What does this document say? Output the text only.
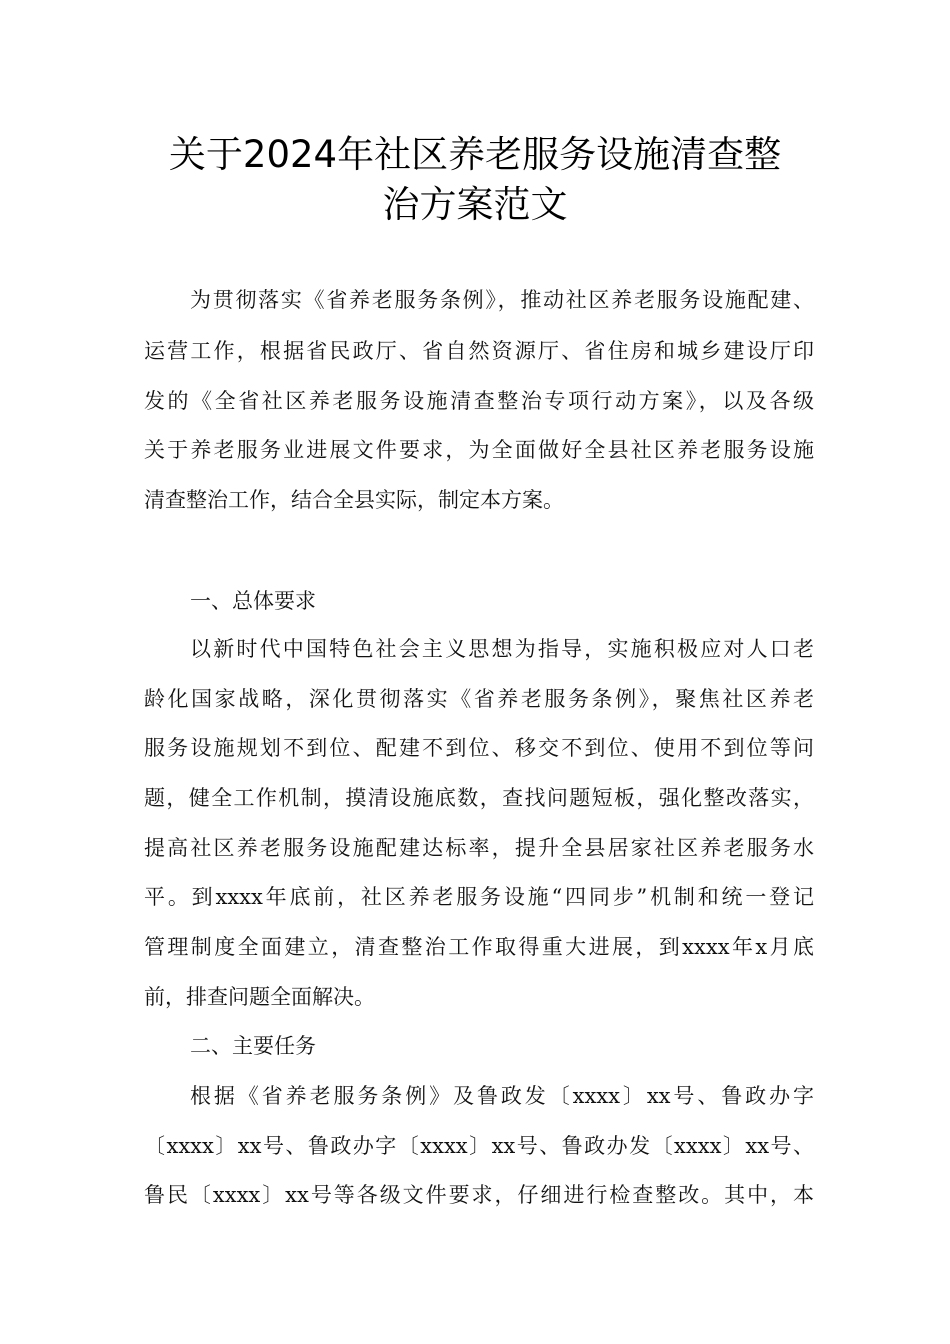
关于2024年社区养老服务设施清查整
治方案范文
为贯彻落实《省养老服务条例》，推动社区养老服务设施配建、
运营工作，根据省民政厅、省自然资源厅、省住房和城乡建设厅印
发的《全省社区养老服务设施清查整治专项行动方案》，以及各级
关于养老服务业进展文件要求，为全面做好全县社区养老服务设施
清查整治工作，结合全县实际，制定本方案。
一、总体要求
以新时代中国特色社会主义思想为指导，实施积极应对人口老
龄化国家战略，深化贯彻落实《省养老服务条例》，聚焦社区养老
服务设施规划不到位、配建不到位、移交不到位、使用不到位等问
题，健全工作机制，摸清设施底数，查找问题短板，强化整改落实，
提高社区养老服务设施配建达标率，提升全县居家社区养老服务水
平。到xxxx年底前，社区养老服务设施“四同步”机制和统一登记
管理制度全面建立，清查整治工作取得重大进展，到xxxx年x月底
前，排查问题全面解决。
二、主要任务
根据《省养老服务条例》及鲁政发〔xxxx〕xx号、鲁政办字
〔xxxx〕xx号、鲁政办字〔xxxx〕xx号、鲁政办发〔xxxx〕xx号、
鲁民〔xxxx〕xx号等各级文件要求，仔细进行检查整改。其中，本
